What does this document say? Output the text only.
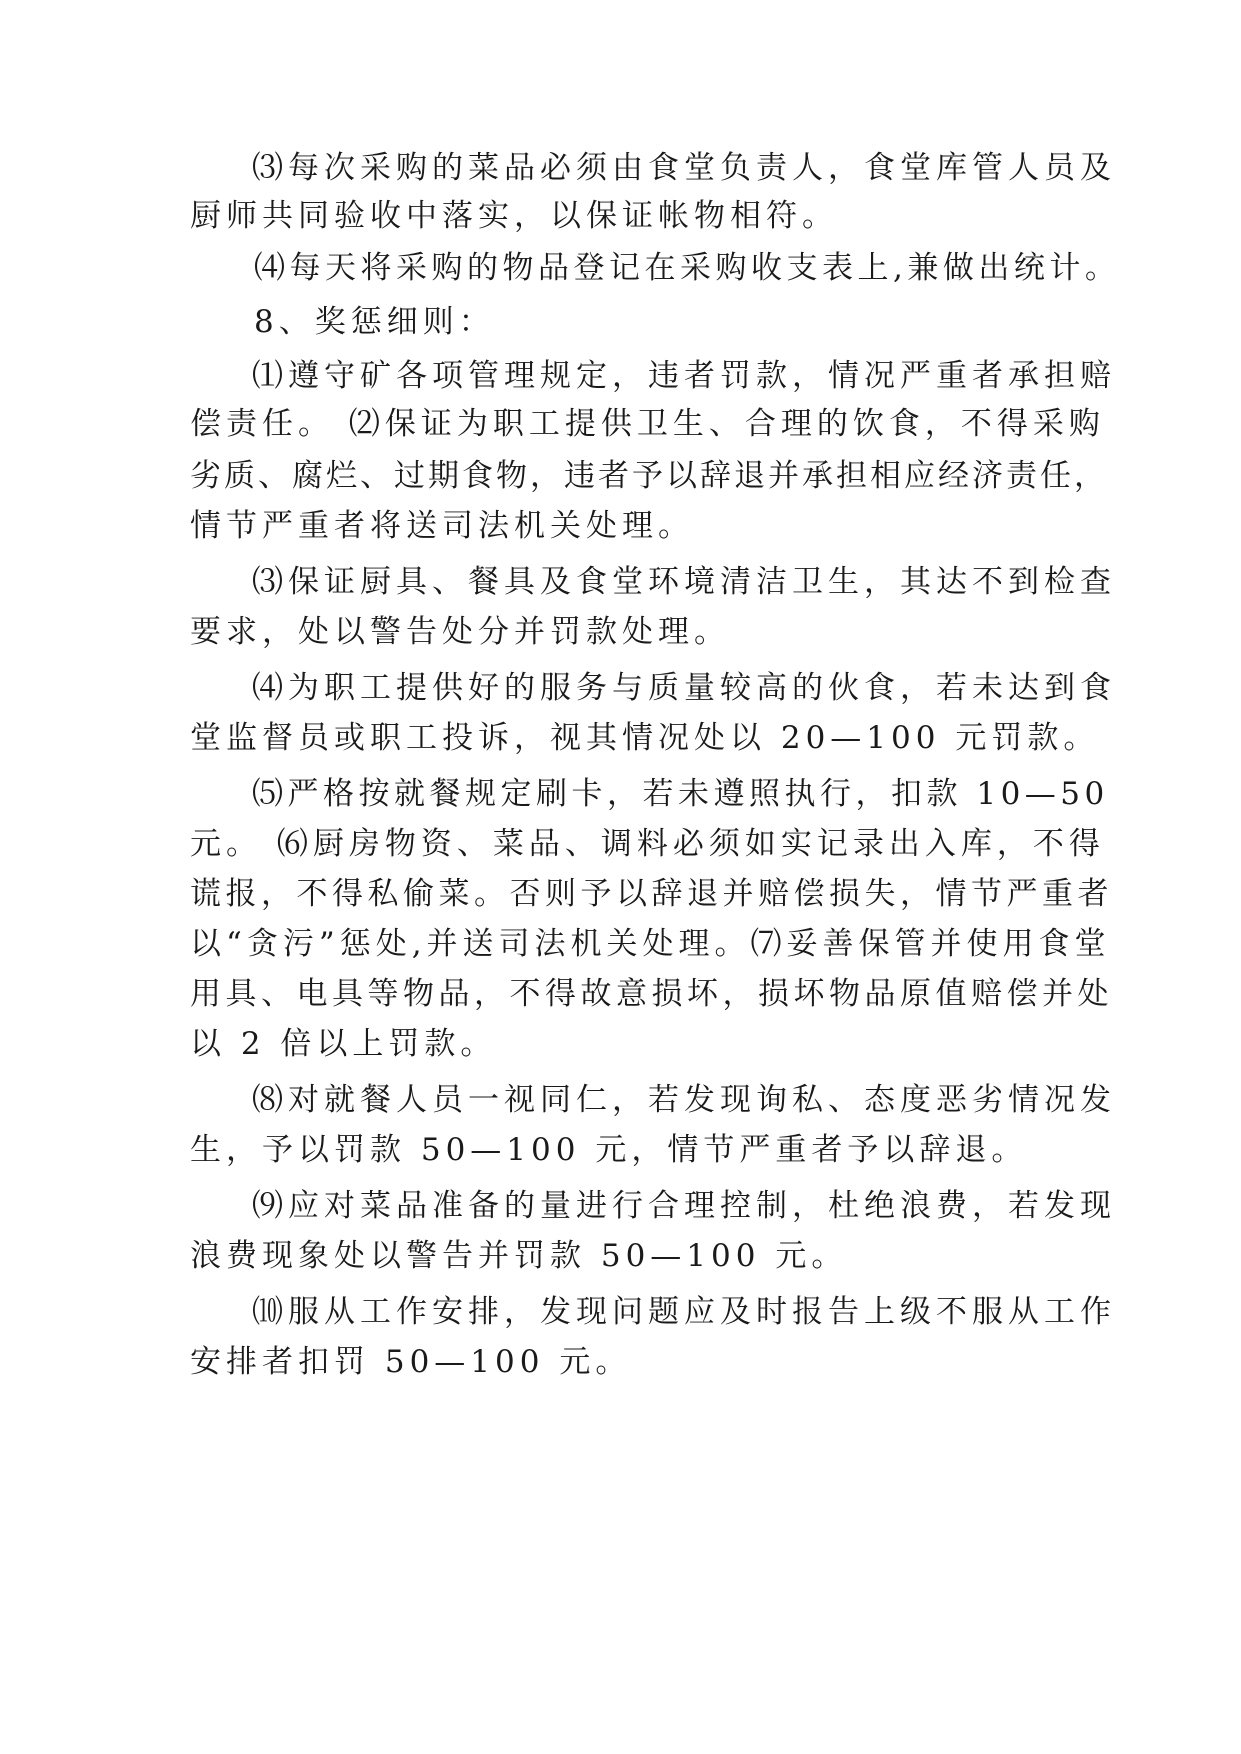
⑶每次采购的菜品必须由食堂负责人，食堂库管人员及
厨师共同验收中落实，以保证帐物相符。
⑷每天将采购的物品登记在采购收支表上,兼做出统计。
8、奖惩细则：
⑴遵守矿各项管理规定，违者罚款，情况严重者承担赔
偿责任。 ⑵保证为职工提供卫生、合理的饮食，不得采购
劣质、腐烂、过期食物，违者予以辞退并承担相应经济责任，
情节严重者将送司法机关处理。
⑶保证厨具、餐具及食堂环境清洁卫生，其达不到检查
要求，处以警告处分并罚款处理。
⑷为职工提供好的服务与质量较高的伙食，若未达到食
堂监督员或职工投诉，视其情况处以 20—100 元罚款。
⑸严格按就餐规定刷卡，若未遵照执行，扣款 10—50
元。 ⑹厨房物资、菜品、调料必须如实记录出入库，不得
谎报，不得私偷菜。否则予以辞退并赔偿损失，情节严重者
以“贪污”惩处,并送司法机关处理。⑺妥善保管并使用食堂
用具、电具等物品，不得故意损坏，损坏物品原值赔偿并处
以 2 倍以上罚款。
⑻对就餐人员一视同仁，若发现询私、态度恶劣情况发
生，予以罚款 50—100 元，情节严重者予以辞退。
⑼应对菜品准备的量进行合理控制，杜绝浪费，若发现
浪费现象处以警告并罚款 50—100 元。
⑽服从工作安排，发现问题应及时报告上级不服从工作
安排者扣罚 50—100 元。
